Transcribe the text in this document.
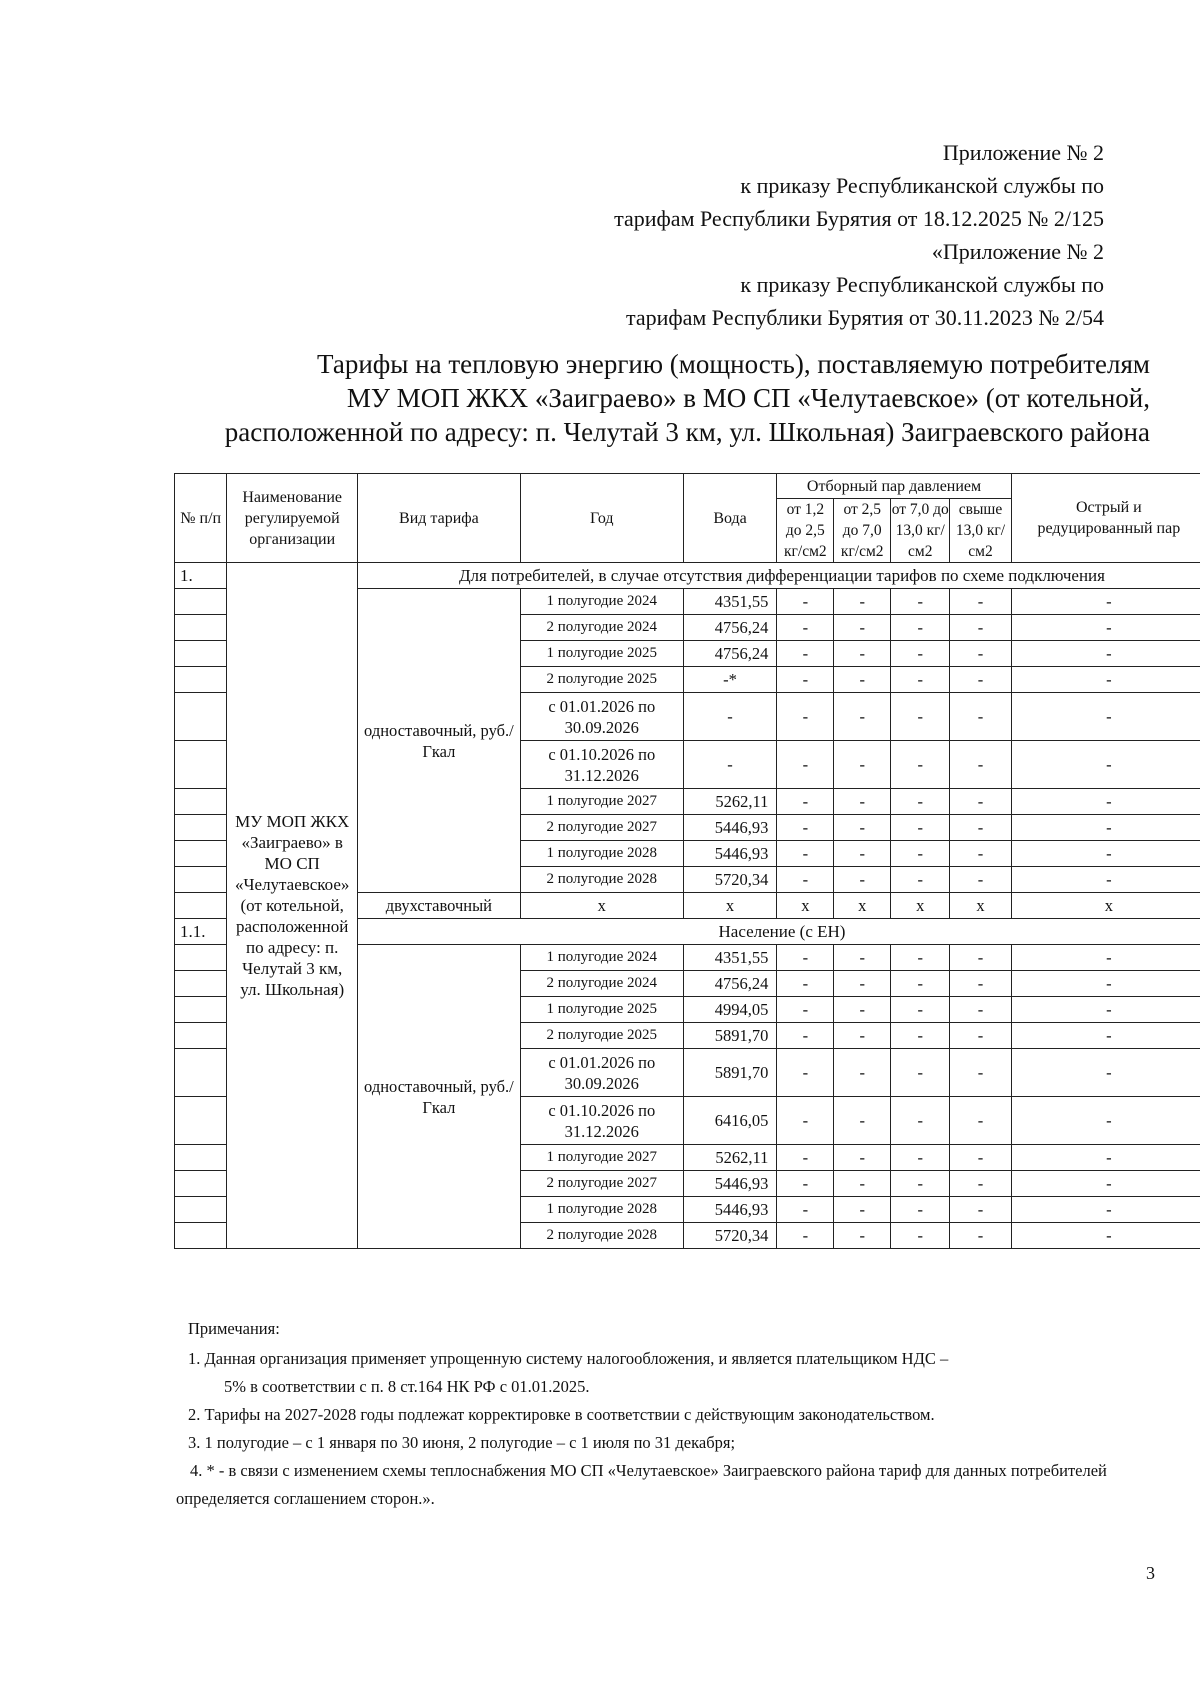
Приложение № 2
к приказу Республиканской службы по
тарифам Республики Бурятия от 18.12.2025 № 2/125
«Приложение № 2
к приказу Республиканской службы по
тарифам Республики Бурятия от 30.11.2023 № 2/54
Тарифы на тепловую энергию (мощность), поставляемую потребителям
МУ МОП ЖКХ «Заиграево» в МО СП «Челутаевское» (от котельной,
расположенной по адресу: п. Челутай 3 км, ул. Школьная) Заиграевского района
№ п/п	Наименование регулируемой организации	Вид тарифа	Год	Вода	Отборный пар давлением				Острый и редуцированный пар
					от 1,2 до 2,5 кг/см2	от 2,5 до 7,0 кг/см2	от 7,0 до 13,0 кг/см2	свыше 13,0 кг/см2	
1.	МУ МОП ЖКХ «Заиграево» в МО СП «Челутаевское» (от котельной, расположенной по адресу: п. Челутай 3 км, ул. Школьная)	Для потребителей, в случае отсутствия дифференциации тарифов по схеме подключения							
		одноставочный, руб./Гкал	1 полугодие 2024	4351,55	-	-	-	-	-
			2 полугодие 2024	4756,24	-	-	-	-	-
			1 полугодие 2025	4756,24	-	-	-	-	-
			2 полугодие 2025	-*	-	-	-	-	-
			с 01.01.2026 по 30.09.2026	-	-	-	-	-	-
			с 01.10.2026 по 31.12.2026	-	-	-	-	-	-
			1 полугодие 2027	5262,11	-	-	-	-	-
			2 полугодие 2027	5446,93	-	-	-	-	-
			1 полугодие 2028	5446,93	-	-	-	-	-
			2 полугодие 2028	5720,34	-	-	-	-	-
		двухставочный	x	x	x	x	x	x	x
1.1.		Население (с ЕН)							
		одноставочный, руб./Гкал	1 полугодие 2024	4351,55	-	-	-	-	-
			2 полугодие 2024	4756,24	-	-	-	-	-
			1 полугодие 2025	4994,05	-	-	-	-	-
			2 полугодие 2025	5891,70	-	-	-	-	-
			с 01.01.2026 по 30.09.2026	5891,70	-	-	-	-	-
			с 01.10.2026 по 31.12.2026	6416,05	-	-	-	-	-
			1 полугодие 2027	5262,11	-	-	-	-	-
			2 полугодие 2027	5446,93	-	-	-	-	-
			1 полугодие 2028	5446,93	-	-	-	-	-
			2 полугодие 2028	5720,34	-	-	-	-	-
Примечания:
1. Данная организация применяет упрощенную систему налогообложения, и является плательщиком НДС –
5% в соответствии с п. 8 ст.164 НК РФ с 01.01.2025.
2. Тарифы на 2027-2028 годы подлежат корректировке в соответствии с действующим законодательством.
3. 1 полугодие – с 1 января по 30 июня, 2 полугодие – с 1 июля по 31 декабря;
4. * - в связи с изменением схемы теплоснабжения МО СП «Челутаевское» Заиграевского района тариф для данных потребителей определяется соглашением сторон.».
3
